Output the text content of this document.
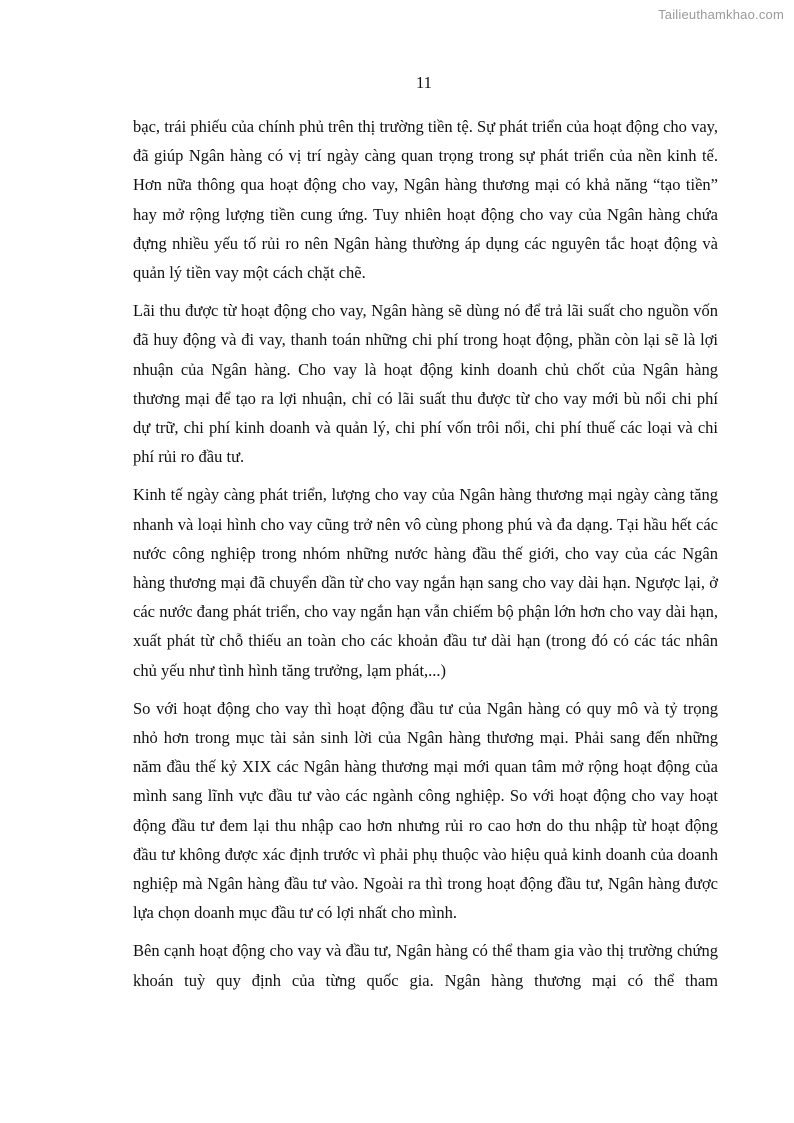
Tailieuthamkhao.com
11

bạc, trái phiếu của chính phủ trên thị trường tiền tệ. Sự phát triển của hoạt động cho vay, đã giúp Ngân hàng có vị trí ngày càng quan trọng trong sự phát triển của nền kinh tế. Hơn nữa thông qua hoạt động cho vay, Ngân hàng thương mại có khả năng “tạo tiền” hay mở rộng lượng tiền cung ứng. Tuy nhiên hoạt động cho vay của Ngân hàng chứa đựng nhiều yếu tố rủi ro nên Ngân hàng thường áp dụng các nguyên tắc hoạt động và quản lý tiền vay một cách chặt chẽ.

Lãi thu được từ hoạt động cho vay, Ngân hàng sẽ dùng nó để trả lãi suất cho nguồn vốn đã huy động và đi vay, thanh toán những chi phí trong hoạt động, phần còn lại sẽ là lợi nhuận của Ngân hàng. Cho vay là hoạt động kinh doanh chủ chốt của Ngân hàng thương mại để tạo ra lợi nhuận, chỉ có lãi suất thu được từ cho vay mới bù nổi chi phí dự trữ, chi phí kinh doanh và quản lý, chi phí vốn trôi nổi, chi phí thuế các loại và chi phí rủi ro đầu tư.

Kinh tế ngày càng phát triển, lượng cho vay của Ngân hàng thương mại ngày càng tăng nhanh và loại hình cho vay cũng trở nên vô cùng phong phú và đa dạng. Tại hầu hết các nước công nghiệp trong nhóm những nước hàng đầu thế giới, cho vay của các Ngân hàng thương mại đã chuyển dần từ cho vay ngắn hạn sang cho vay dài hạn. Ngược lại, ở các nước đang phát triển, cho vay ngắn hạn vẫn chiếm bộ phận lớn hơn cho vay dài hạn, xuất phát từ chỗ thiếu an toàn cho các khoản đầu tư dài hạn (trong đó có các tác nhân chủ yếu như tình hình tăng trưởng, lạm phát,...)

So với hoạt động cho vay thì hoạt động đầu tư của Ngân hàng có quy mô và tỷ trọng nhỏ hơn trong mục tài sản sinh lời của Ngân hàng thương mại. Phải sang đến những năm đầu thế kỷ XIX các Ngân hàng thương mại mới quan tâm mở rộng hoạt động của mình sang lĩnh vực đầu tư vào các ngành công nghiệp. So với hoạt động cho vay hoạt động đầu tư đem lại thu nhập cao hơn nhưng rủi ro cao hơn do thu nhập từ hoạt động đầu tư không được xác định trước vì phải phụ thuộc vào hiệu quả kinh doanh của doanh nghiệp mà Ngân hàng đầu tư vào. Ngoài ra thì trong hoạt động đầu tư, Ngân hàng được lựa chọn doanh mục đầu tư có lợi nhất cho mình.

Bên cạnh hoạt động cho vay và đầu tư, Ngân hàng có thể tham gia vào thị trường chứng khoán tuỳ quy định của từng quốc gia. Ngân hàng thương mại có thể tham
